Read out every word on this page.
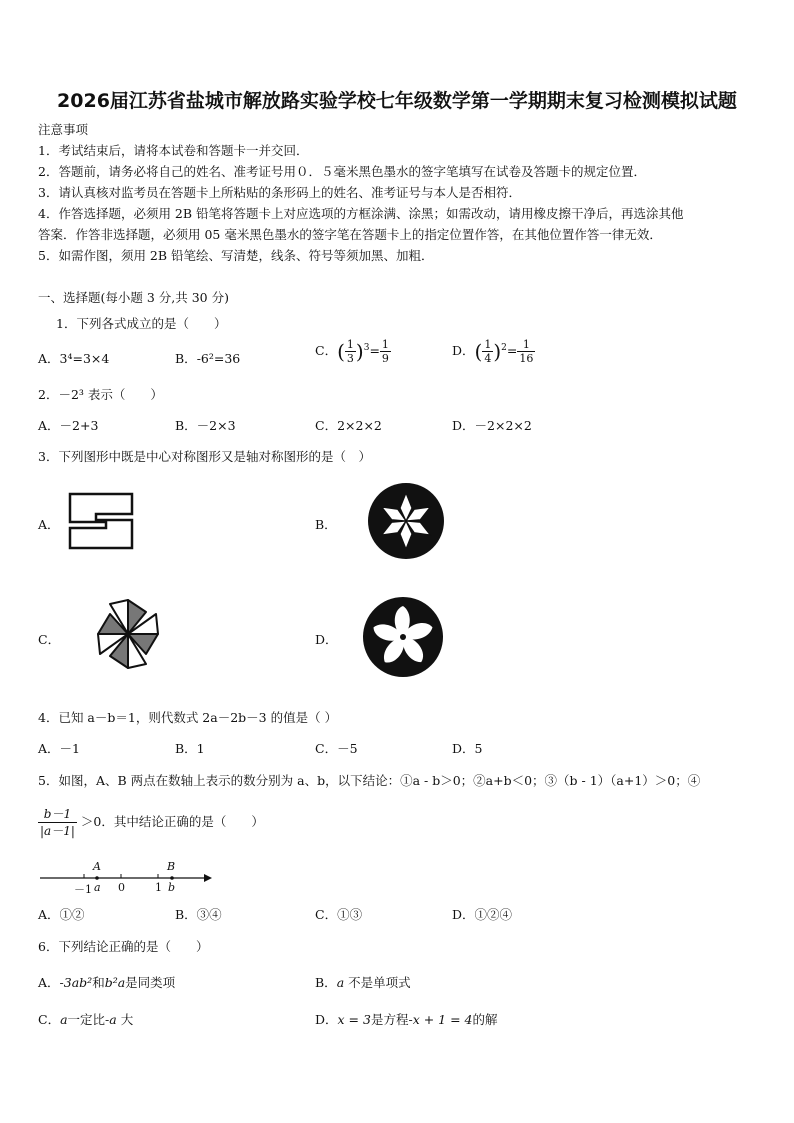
2026届江苏省盐城市解放路实验学校七年级数学第一学期期末复习检测模拟试题
注意事项
1．考试结束后，请将本试卷和答题卡一并交回．
2．答题前，请务必将自己的姓名、准考证号用０．５毫米黑色墨水的签字笔填写在试卷及答题卡的规定位置．
3．请认真核对监考员在答题卡上所粘贴的条形码上的姓名、准考证号与本人是否相符．
4．作答选择题，必须用 2B 铅笔将答题卡上对应选项的方框涂满、涂黑；如需改动，请用橡皮擦干净后，再选涂其他
答案．作答非选择题，必须用 05 毫米黑色墨水的签字笔在答题卡上的指定位置作答，在其他位置作答一律无效．
5．如需作图，须用 2B 铅笔绘、写清楚，线条、符号等须加黑、加粗．
一、选择题(每小题 3 分,共 30 分)
1．下列各式成立的是（　　）
A．3⁴=3×4	B．-6²=36
C．( $\frac{1}{3} )^3= \frac{1}{9}$	D．( $\frac{1}{4} )^2= \frac{1}{16}$
2．－2³ 表示（　　）
A．－2+3	B．－2×3	C．2×2×2	D．－2×2×2
3．下列图形中既是中心对称图形又是轴对称图形的是（　）
A．	B．
C．	D．
4．已知 a－b＝1，则代数式 2a－2b－3 的值是（ ）
A．－1	B．1	C．－5	D．5
5．如图，A、B 两点在数轴上表示的数分别为 a、b，以下结论：①a - b＞0；②a+b＜0；③（b - 1）（a+1）＞0；④
$\frac{b-1}{|a-1|} >0$．其中结论正确的是（　　）
A	B
－1 a 0	1 b
A．①②	B．③④	C．①③	D．①②④
6．下列结论正确的是（　　）
A．-3ab²和b²a是同类项	B．a 不是单项式
C．a一定比-a 大	D．x = 3是方程-x + 1 = 4的解
